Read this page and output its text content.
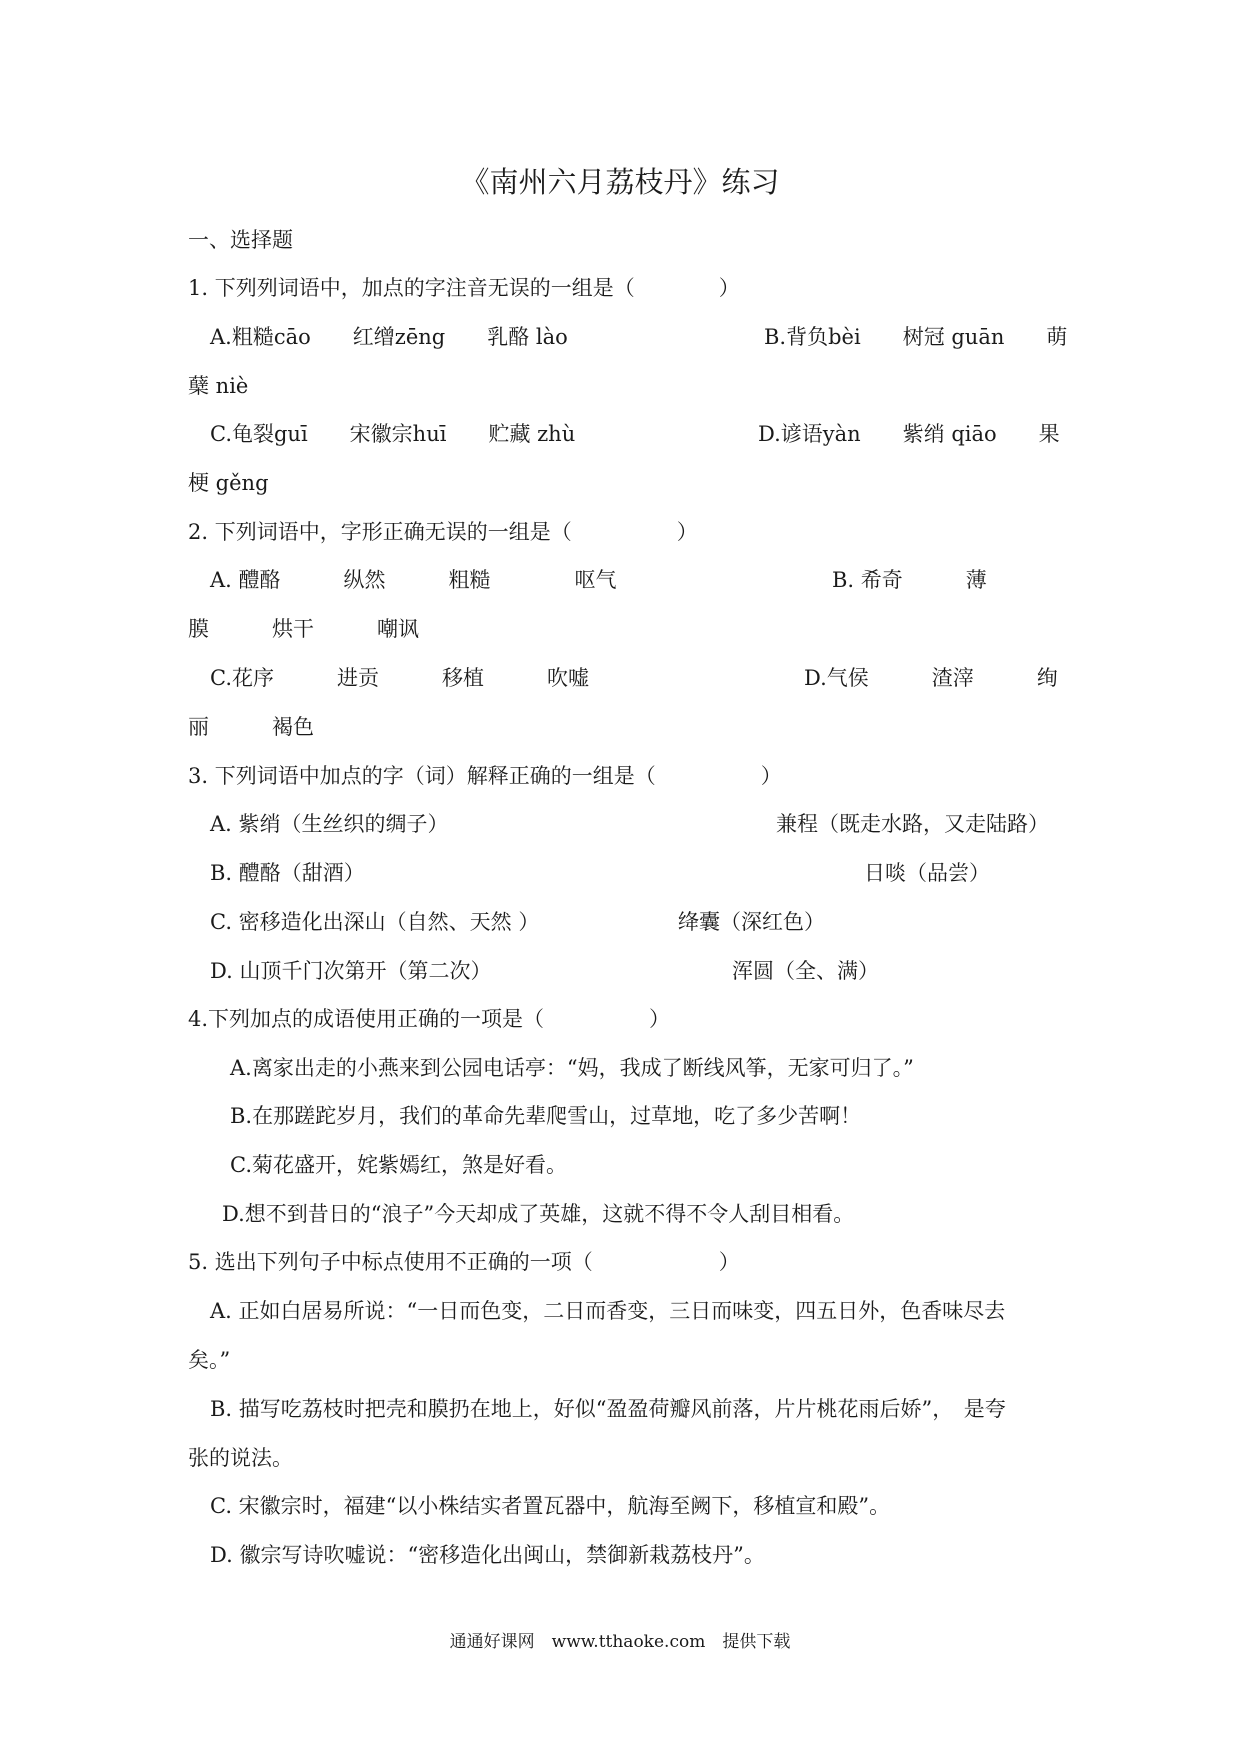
《南州六月荔枝丹》练习
一、选择题
1. 下列列词语中，加点的字注音无误的一组是（　　　　）
A.粗糙cāo　　红缯zēng　　乳酪 lào	B.背负bèi　　树冠 guān　　萌
蘖 niè
C.龟裂guī　　宋徽宗huī　　贮藏 zhù	D.谚语yàn　　紫绡 qiāo　　果
梗 gěng
2. 下列词语中，字形正确无误的一组是（　　　　　）
A. 醴酪　　　纵然　　　粗糙　　　　呕气	B. 希奇　　　薄
膜　　　烘干　　　嘲讽
C.花序　　　进贡　　　移植　　　吹嘘	D.气侯　　　渣滓　　　绚
丽　　　褐色
3. 下列词语中加点的字（词）解释正确的一组是（　　　　　）
A. 紫绡（生丝织的绸子）	兼程（既走水路，又走陆路）
B. 醴酪（甜酒）	日啖（品尝）
C. 密移造化出深山（自然、天然 ）	绛囊（深红色）
D. 山顶千门次第开（第二次）	浑圆（全、满）
4.下列加点的成语使用正确的一项是（　　　　　）
A.离家出走的小燕来到公园电话亭：“妈，我成了断线风筝，无家可归了。”
B.在那蹉跎岁月，我们的革命先辈爬雪山，过草地，吃了多少苦啊！
C.菊花盛开，姹紫嫣红，煞是好看。
D.想不到昔日的“浪子”今天却成了英雄，这就不得不令人刮目相看。
5. 选出下列句子中标点使用不正确的一项（　　　　　　）
A. 正如白居易所说：“一日而色变，二日而香变，三日而味变，四五日外，色香味尽去
矣。”
B. 描写吃荔枝时把壳和膜扔在地上，好似“盈盈荷瓣风前落，片片桃花雨后娇”，　是夸
张的说法。
C. 宋徽宗时，福建“以小株结实者置瓦器中，航海至阙下，移植宣和殿”。
D. 徽宗写诗吹嘘说：“密移造化出闽山，禁御新栽荔枝丹”。
通通好课网　www.tthaoke.com　提供下载
